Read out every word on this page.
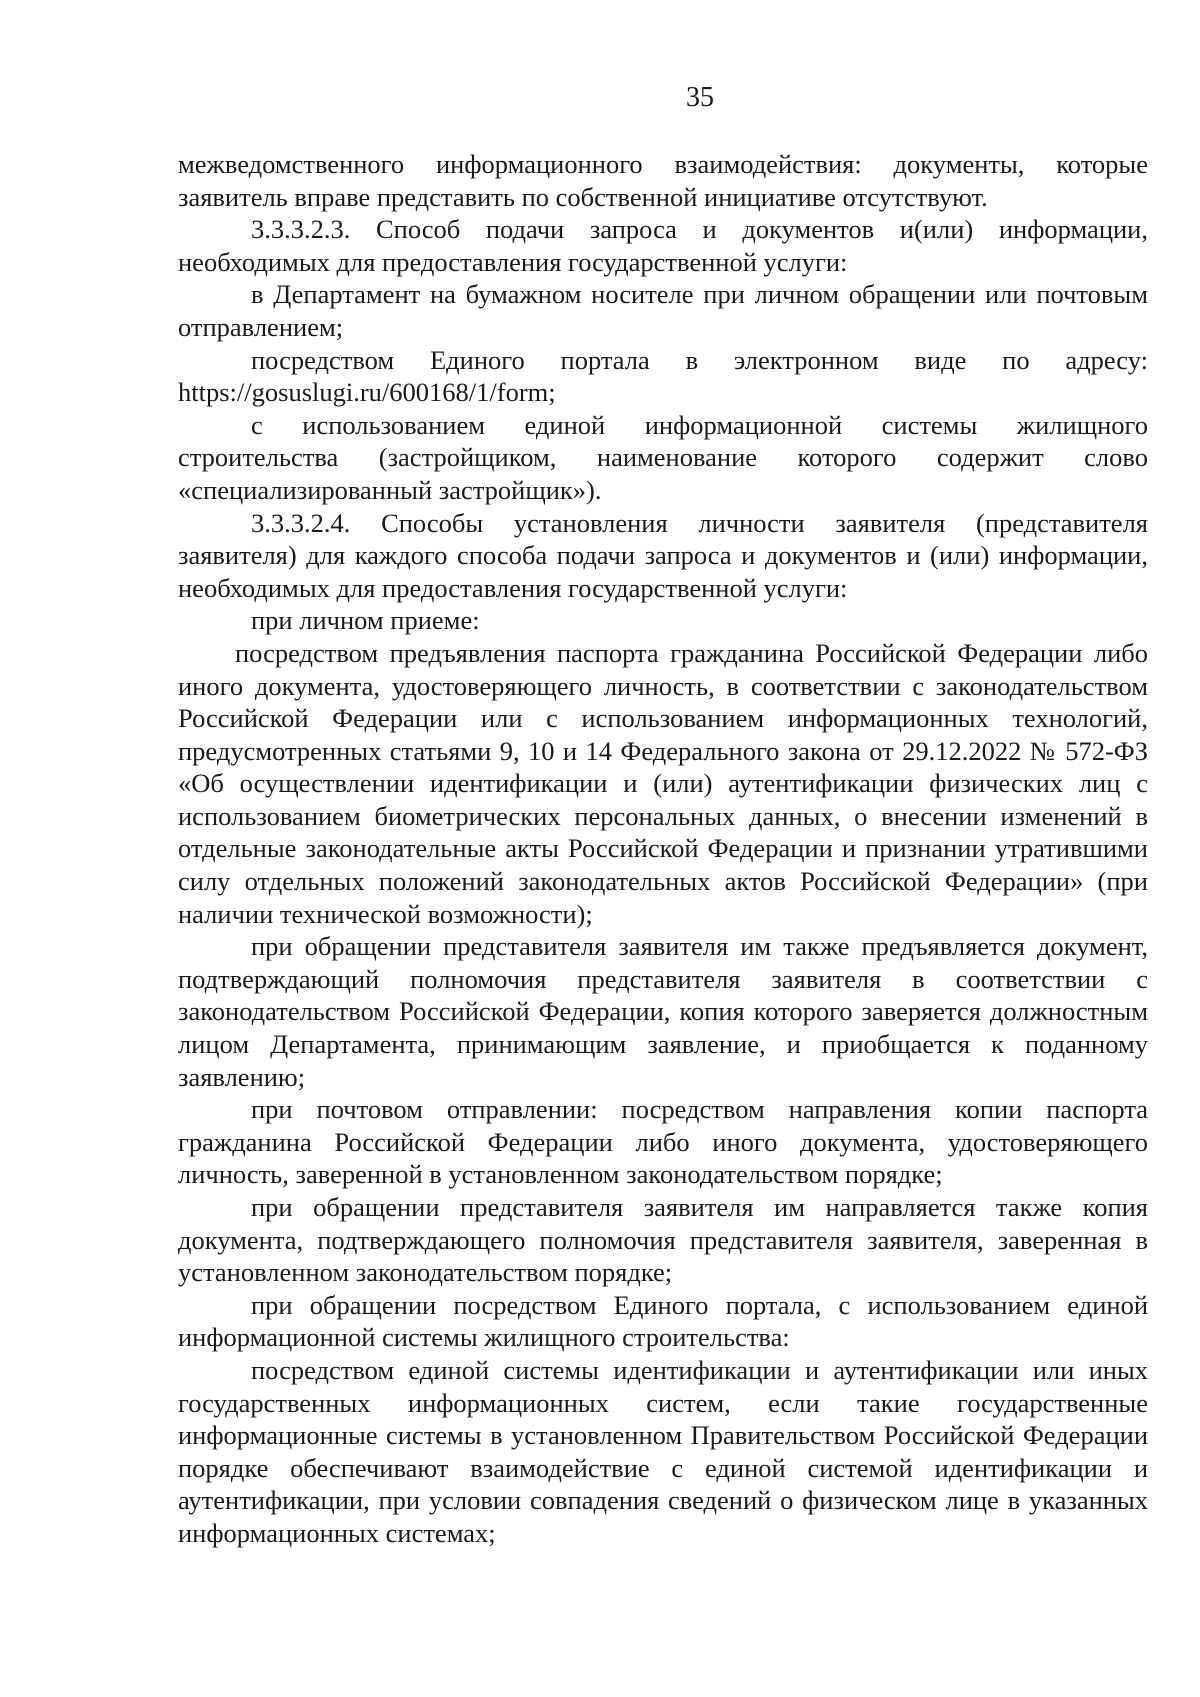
35

межведомственного информационного взаимодействия: документы, которые заявитель вправе представить по собственной инициативе отсутствуют.

3.3.3.2.3. Способ подачи запроса и документов и(или) информации, необходимых для предоставления государственной услуги:

в Департамент на бумажном носителе при личном обращении или почтовым отправлением;

посредством Единого портала в электронном виде по адресу: https://gosuslugi.ru/600168/1/form;

с использованием единой информационной системы жилищного строительства (застройщиком, наименование которого содержит слово «специализированный застройщик»).

3.3.3.2.4. Способы установления личности заявителя (представителя заявителя) для каждого способа подачи запроса и документов и (или) информации, необходимых для предоставления государственной услуги:

при личном приеме:

посредством предъявления паспорта гражданина Российской Федерации либо иного документа, удостоверяющего личность, в соответствии с законодательством Российской Федерации или с использованием информационных технологий, предусмотренных статьями 9, 10 и 14 Федерального закона от 29.12.2022 № 572-ФЗ «Об осуществлении идентификации и (или) аутентификации физических лиц с использованием биометрических персональных данных, о внесении изменений в отдельные законодательные акты Российской Федерации и признании утратившими силу отдельных положений законодательных актов Российской Федерации» (при наличии технической возможности);

при обращении представителя заявителя им также предъявляется документ, подтверждающий полномочия представителя заявителя в соответствии с законодательством Российской Федерации, копия которого заверяется должностным лицом Департамента, принимающим заявление, и приобщается к поданному заявлению;

при почтовом отправлении: посредством направления копии паспорта гражданина Российской Федерации либо иного документа, удостоверяющего личность, заверенной в установленном законодательством порядке;

при обращении представителя заявителя им направляется также копия документа, подтверждающего полномочия представителя заявителя, заверенная в установленном законодательством порядке;

при обращении посредством Единого портала, с использованием единой информационной системы жилищного строительства:

посредством единой системы идентификации и аутентификации или иных государственных информационных систем, если такие государственные информационные системы в установленном Правительством Российской Федерации порядке обеспечивают взаимодействие с единой системой идентификации и аутентификации, при условии совпадения сведений о физическом лице в указанных информационных системах;
